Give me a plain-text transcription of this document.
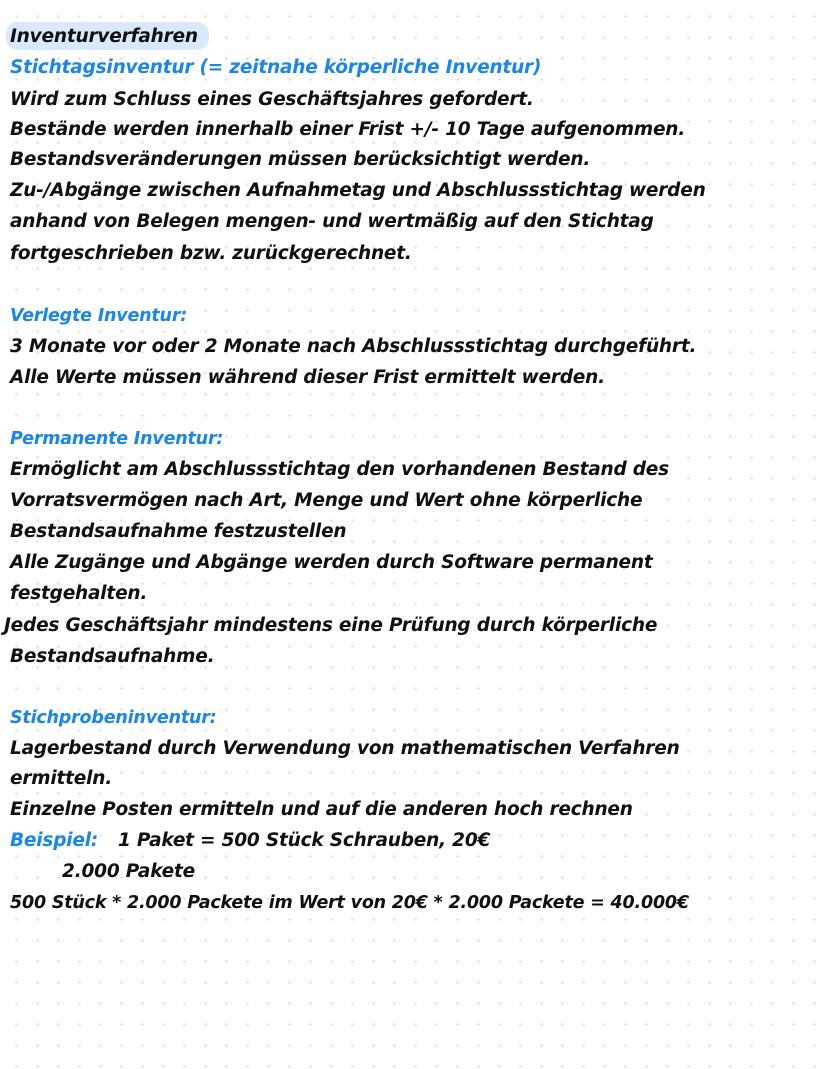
Inventurverfahren
Stichtagsinventur (= zeitnahe körperliche Inventur)
Wird zum Schluss eines Geschäftsjahres gefordert.
Bestände werden innerhalb einer Frist +/- 10 Tage aufgenommen.
Bestandsveränderungen müssen berücksichtigt werden.
Zu-/Abgänge zwischen Aufnahmetag und Abschlussstichtag werden
anhand von Belegen mengen- und wertmäßig auf den Stichtag
fortgeschrieben bzw. zurückgerechnet.
Verlegte Inventur:
3 Monate vor oder 2 Monate nach Abschlussstichtag durchgeführt.
Alle Werte müssen während dieser Frist ermittelt werden.
Permanente Inventur:
Ermöglicht am Abschlussstichtag den vorhandenen Bestand des
Vorratsvermögen nach Art, Menge und Wert ohne körperliche
Bestandsaufnahme festzustellen
Alle Zugänge und Abgänge werden durch Software permanent
festgehalten.
Jedes Geschäftsjahr mindestens eine Prüfung durch körperliche
Bestandsaufnahme.
Stichprobeninventur:
Lagerbestand durch Verwendung von mathematischen Verfahren
ermitteln.
Einzelne Posten ermitteln und auf die anderen hoch rechnen
Beispiel: 1 Paket = 500 Stück Schrauben, 20€
2.000 Pakete
500 Stück * 2.000 Packete im Wert von 20€ * 2.000 Packete = 40.000€
